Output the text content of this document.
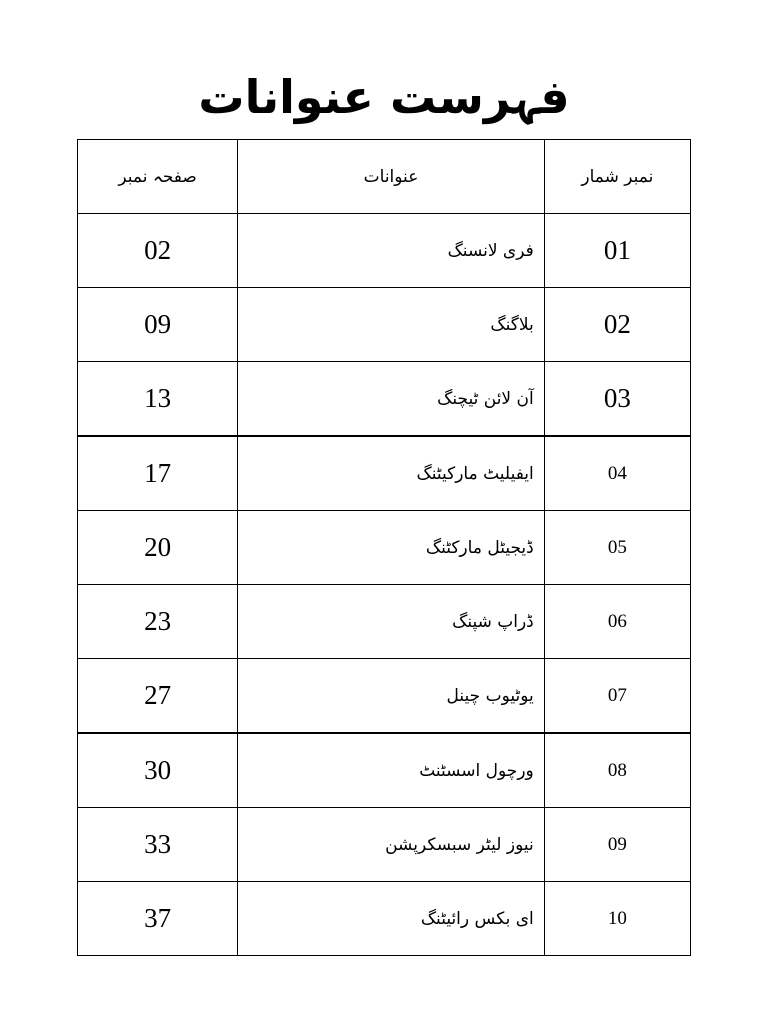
فہرست عنوانات
صفحہ نمبر	عنوانات	نمبر شمار
02	فری لانسنگ	01
09	بلاگنگ	02
13	آن لائن ٹیچنگ	03
17	ایفیلیٹ مارکیٹنگ	04
20	ڈیجیٹل مارکٹنگ	05
23	ڈراپ شپنگ	06
27	یوٹیوب چینل	07
30	ورچول اسسٹنٹ	08
33	نیوز لیٹر سبسکرپشن	09
37	ای بکس رائیٹنگ	10
